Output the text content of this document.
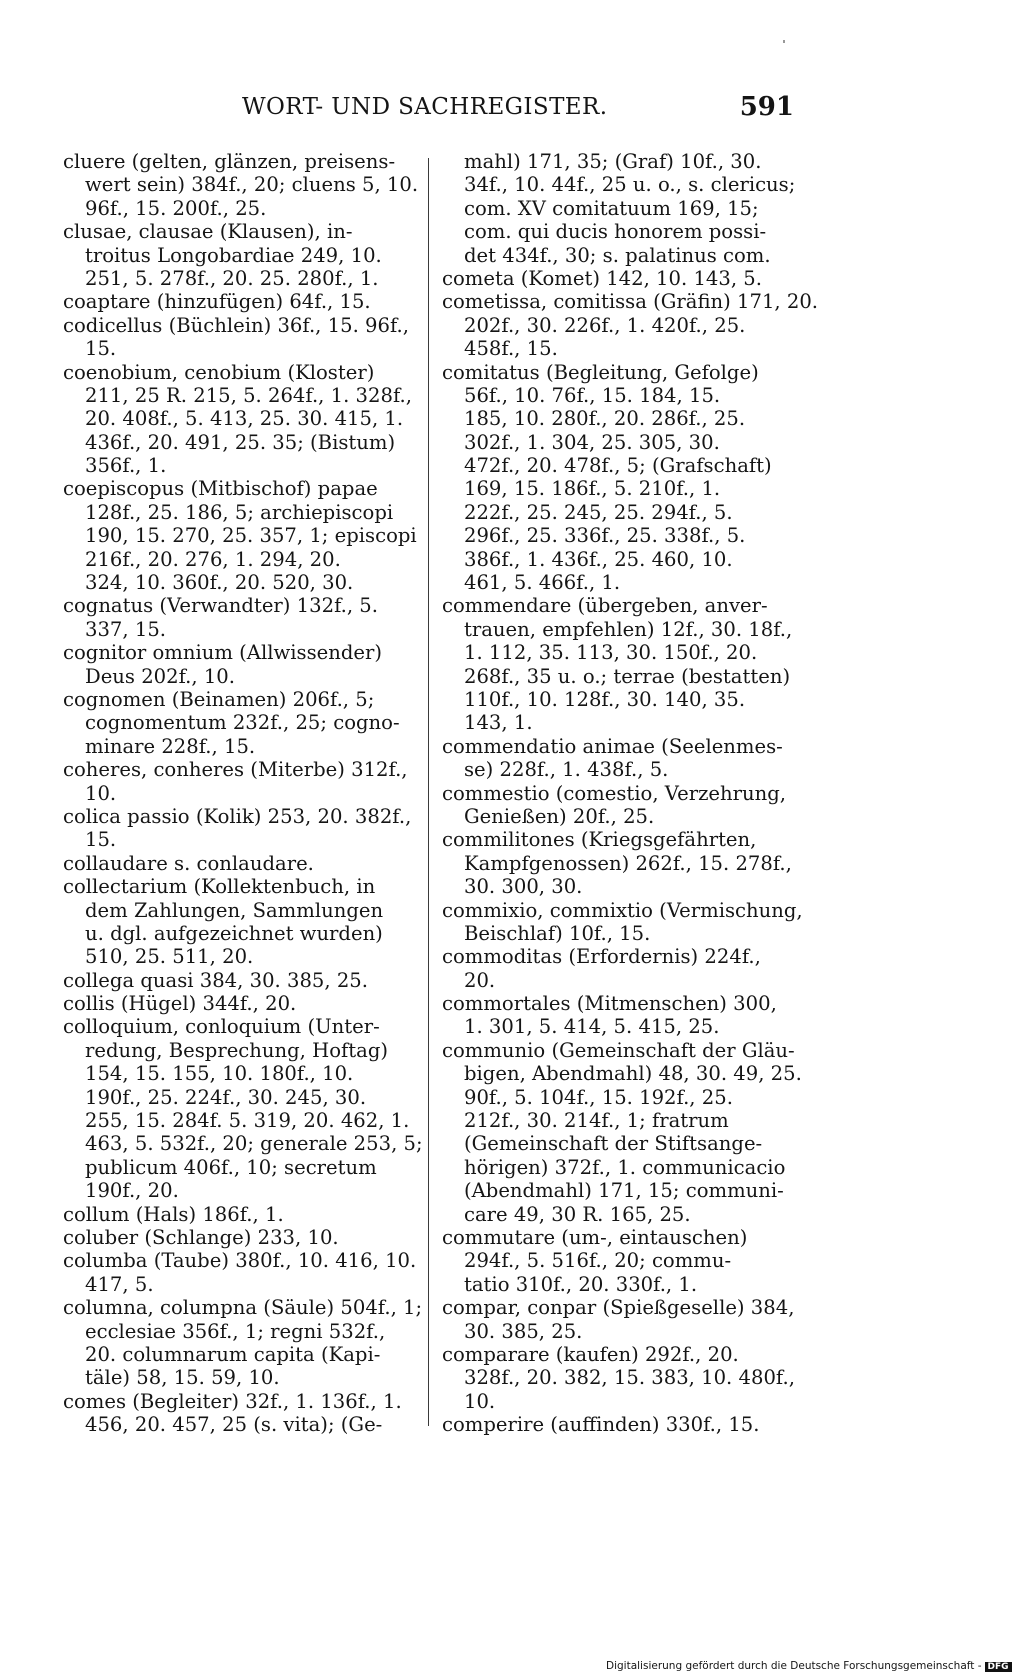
WORT- UND SACHREGISTER.	591
cluere (gelten, glänzen, preisens-
wert sein) 384f., 20; cluens 5, 10.
96f., 15. 200f., 25.
clusae, clausae (Klausen), in-
troitus Longobardiae 249, 10.
251, 5. 278f., 20. 25. 280f., 1.
coaptare (hinzufügen) 64f., 15.
codicellus (Büchlein) 36f., 15. 96f.,
15.
coenobium, cenobium (Kloster)
211, 25 R. 215, 5. 264f., 1. 328f.,
20. 408f., 5. 413, 25. 30. 415, 1.
436f., 20. 491, 25. 35; (Bistum)
356f., 1.
coepiscopus (Mitbischof) papae
128f., 25. 186, 5; archiepiscopi
190, 15. 270, 25. 357, 1; episcopi
216f., 20. 276, 1. 294, 20.
324, 10. 360f., 20. 520, 30.
cognatus (Verwandter) 132f., 5.
337, 15.
cognitor omnium (Allwissender)
Deus 202f., 10.
cognomen (Beinamen) 206f., 5;
cognomentum 232f., 25; cogno-
minare 228f., 15.
coheres, conheres (Miterbe) 312f.,
10.
colica passio (Kolik) 253, 20. 382f.,
15.
collaudare s. conlaudare.
collectarium (Kollektenbuch, in
dem Zahlungen, Sammlungen
u. dgl. aufgezeichnet wurden)
510, 25. 511, 20.
collega quasi 384, 30. 385, 25.
collis (Hügel) 344f., 20.
colloquium, conloquium (Unter-
redung, Besprechung, Hoftag)
154, 15. 155, 10. 180f., 10.
190f., 25. 224f., 30. 245, 30.
255, 15. 284f. 5. 319, 20. 462, 1.
463, 5. 532f., 20; generale 253, 5;
publicum 406f., 10; secretum
190f., 20.
collum (Hals) 186f., 1.
coluber (Schlange) 233, 10.
columba (Taube) 380f., 10. 416, 10.
417, 5.
columna, columpna (Säule) 504f., 1;
ecclesiae 356f., 1; regni 532f.,
20. columnarum capita (Kapi-
täle) 58, 15. 59, 10.
comes (Begleiter) 32f., 1. 136f., 1.
456, 20. 457, 25 (s. vita); (Ge-
mahl) 171, 35; (Graf) 10f., 30.
34f., 10. 44f., 25 u. o., s. clericus;
com. XV comitatuum 169, 15;
com. qui ducis honorem possi-
det 434f., 30; s. palatinus com.
cometa (Komet) 142, 10. 143, 5.
cometissa, comitissa (Gräfin) 171, 20.
202f., 30. 226f., 1. 420f., 25.
458f., 15.
comitatus (Begleitung, Gefolge)
56f., 10. 76f., 15. 184, 15.
185, 10. 280f., 20. 286f., 25.
302f., 1. 304, 25. 305, 30.
472f., 20. 478f., 5; (Grafschaft)
169, 15. 186f., 5. 210f., 1.
222f., 25. 245, 25. 294f., 5.
296f., 25. 336f., 25. 338f., 5.
386f., 1. 436f., 25. 460, 10.
461, 5. 466f., 1.
commendare (übergeben, anver-
trauen, empfehlen) 12f., 30. 18f.,
1. 112, 35. 113, 30. 150f., 20.
268f., 35 u. o.; terrae (bestatten)
110f., 10. 128f., 30. 140, 35.
143, 1.
commendatio animae (Seelenmes-
se) 228f., 1. 438f., 5.
commestio (comestio, Verzehrung,
Genießen) 20f., 25.
commilitones (Kriegsgefährten,
Kampfgenossen) 262f., 15. 278f.,
30. 300, 30.
commixio, commixtio (Vermischung,
Beischlaf) 10f., 15.
commoditas (Erfordernis) 224f.,
20.
commortales (Mitmenschen) 300,
1. 301, 5. 414, 5. 415, 25.
communio (Gemeinschaft der Gläu-
bigen, Abendmahl) 48, 30. 49, 25.
90f., 5. 104f., 15. 192f., 25.
212f., 30. 214f., 1; fratrum
(Gemeinschaft der Stiftsange-
hörigen) 372f., 1. communicacio
(Abendmahl) 171, 15; communi-
care 49, 30 R. 165, 25.
commutare (um-, eintauschen)
294f., 5. 516f., 20; commu-
tatio 310f., 20. 330f., 1.
compar, conpar (Spießgeselle) 384,
30. 385, 25.
comparare (kaufen) 292f., 20.
328f., 20. 382, 15. 383, 10. 480f.,
10.
comperire (auffinden) 330f., 15.
Digitalisierung gefördert durch die Deutsche Forschungsgemeinschaft - DFG
